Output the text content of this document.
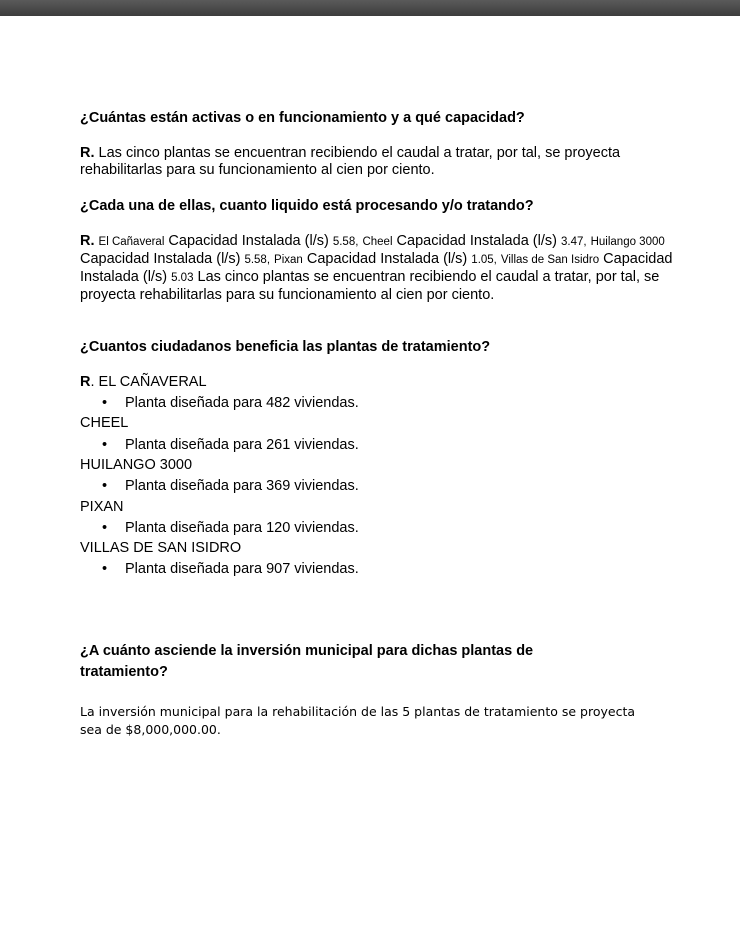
¿Cuántas están activas o en funcionamiento y a qué capacidad?
R. Las cinco plantas se encuentran recibiendo el caudal a tratar, por tal, se proyecta rehabilitarlas para su funcionamiento al cien por ciento.
¿Cada una de ellas, cuanto liquido está procesando y/o tratando?
R. El Cañaveral Capacidad Instalada (l/s) 5.58, Cheel Capacidad Instalada (l/s) 3.47, Huilango 3000 Capacidad Instalada (l/s) 5.58, Pixan Capacidad Instalada (l/s) 1.05, Villas de San Isidro Capacidad Instalada (l/s) 5.03 Las cinco plantas se encuentran recibiendo el caudal a tratar, por tal, se proyecta rehabilitarlas para su funcionamiento al cien por ciento.
¿Cuantos ciudadanos beneficia las plantas de tratamiento?
R. EL CAÑAVERAL
• Planta diseñada para 482 viviendas.
CHEEL
• Planta diseñada para 261 viviendas.
HUILANGO 3000
• Planta diseñada para 369 viviendas.
PIXAN
• Planta diseñada para 120 viviendas.
VILLAS DE SAN ISIDRO
• Planta diseñada para 907 viviendas.
¿A cuánto asciende la inversión municipal para dichas plantas de
tratamiento?
La inversión municipal para la rehabilitación de las 5 plantas de tratamiento se proyecta
sea de $8,000,000.00.
